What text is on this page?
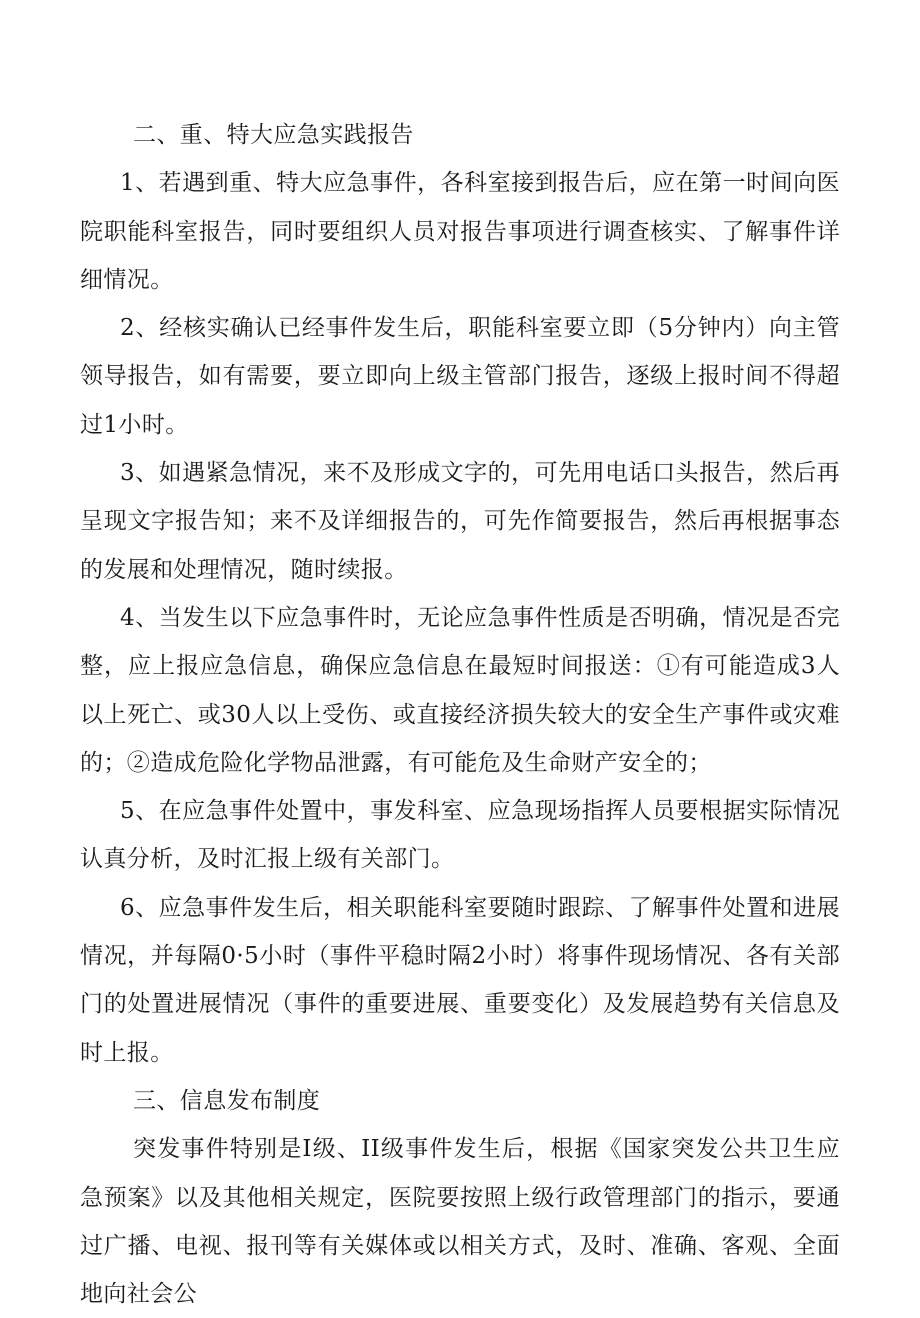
二、重、特大应急实践报告

1、若遇到重、特大应急事件，各科室接到报告后，应在第一时间向医院职能科室报告，同时要组织人员对报告事项进行调查核实、了解事件详细情况。

2、经核实确认已经事件发生后，职能科室要立即（5分钟内）向主管领导报告，如有需要，要立即向上级主管部门报告，逐级上报时间不得超过1小时。

3、如遇紧急情况，来不及形成文字的，可先用电话口头报告，然后再呈现文字报告知；来不及详细报告的，可先作简要报告，然后再根据事态的发展和处理情况，随时续报。

4、当发生以下应急事件时，无论应急事件性质是否明确，情况是否完整，应上报应急信息，确保应急信息在最短时间报送：①有可能造成3人以上死亡、或30人以上受伤、或直接经济损失较大的安全生产事件或灾难的；②造成危险化学物品泄露，有可能危及生命财产安全的；

5、在应急事件处置中，事发科室、应急现场指挥人员要根据实际情况认真分析，及时汇报上级有关部门。

6、应急事件发生后，相关职能科室要随时跟踪、了解事件处置和进展情况，并每隔0·5小时（事件平稳时隔2小时）将事件现场情况、各有关部门的处置进展情况（事件的重要进展、重要变化）及发展趋势有关信息及时上报。

三、信息发布制度

突发事件特别是I级、II级事件发生后，根据《国家突发公共卫生应急预案》以及其他相关规定，医院要按照上级行政管理部门的指示，要通过广播、电视、报刊等有关媒体或以相关方式，及时、准确、客观、全面地向社会公
